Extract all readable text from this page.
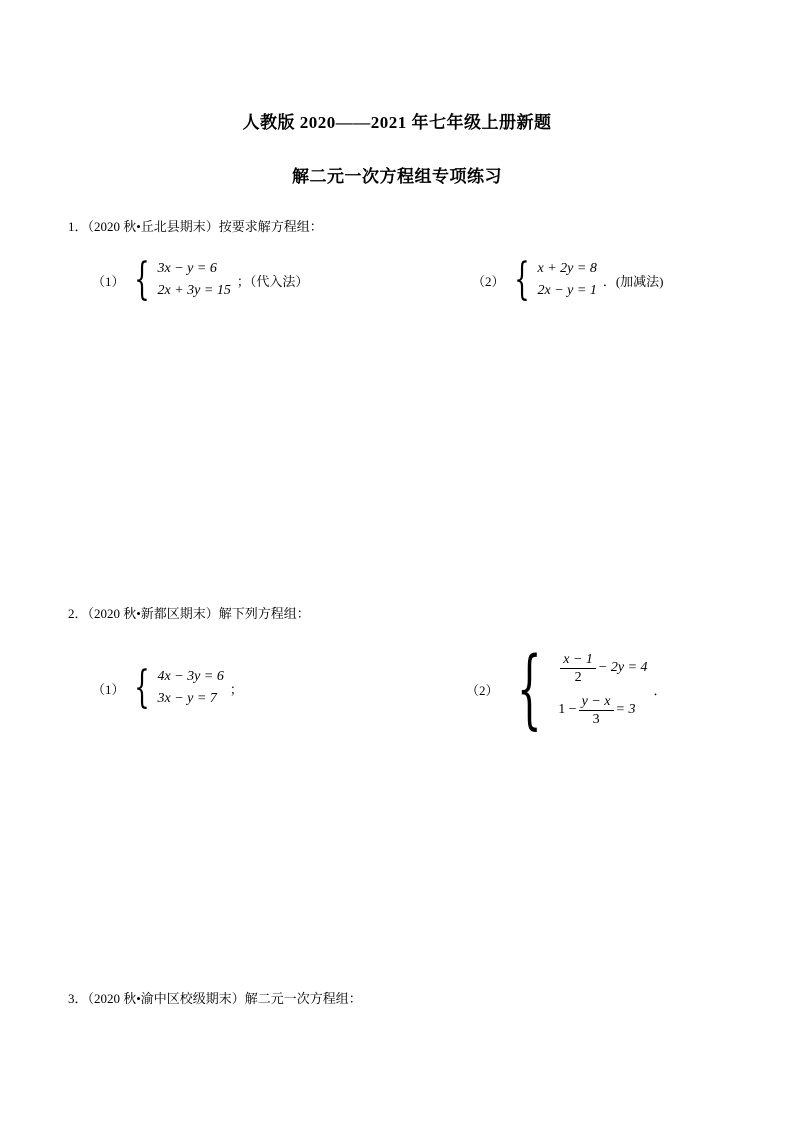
人教版 2020——2021 年七年级上册新题
解二元一次方程组专项练习
1．（2020 秋•丘北县期末）按要求解方程组：
（1） { 3x − y = 6
2x + 3y = 15
；（代入法）	（2） { x + 2y = 8
2x − y = 1
．(加减法)
2．（2020 秋•新都区期末）解下列方程组：
（1） { 4x − 3y = 6
3x − y = 7
；	（2） { $\frac{x - 1}{2} - 2y = 4$
$1 - \frac{y - x}{3} = 3$
．
3．（2020 秋•渝中区校级期末）解二元一次方程组：
